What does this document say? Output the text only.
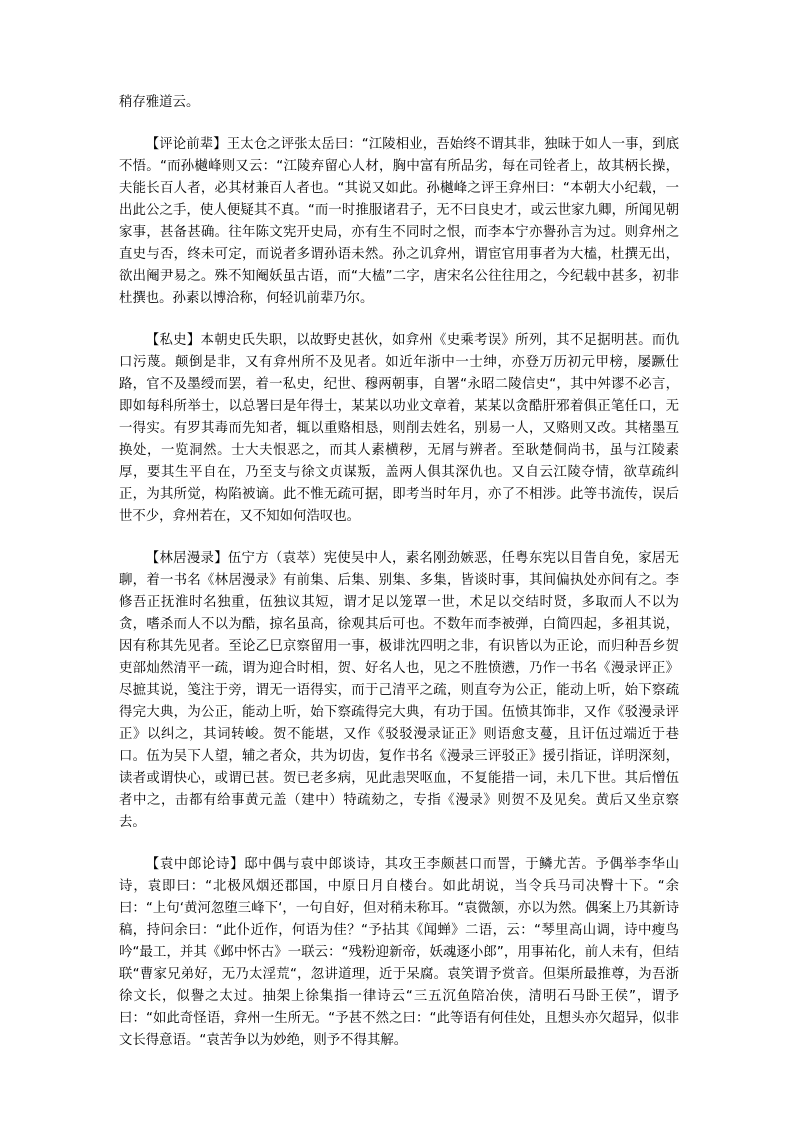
稍存雅道云。

【评论前辈】王太仓之评张太岳曰：“江陵相业，吾始终不谓其非，独昧于如人一事，到底不悟。“而孙樾峰则又云：“江陵弃留心人材，胸中富有所品劣，每在司铨者上，故其柄长操，夫能长百人者，必其材兼百人者也。“其说又如此。孙樾峰之评王弇州曰：“本朝大小纪载，一出此公之手，使人便疑其不真。“而一时推服诸君子，无不曰良史才，或云世家九卿，所闻见朝家事，甚备甚确。往年陈文宪开史局，亦有生不同时之恨，而李本宁亦譽孙言为过。则弇州之直史与否，终未可定，而说者多谓孙语未然。孙之讥弇州，谓宦官用事者为大榼，杜撰无出，欲出阉尹易之。殊不知阉妖虽古语，而“大榼”二字，唐宋名公往往用之，今纪载中甚多，初非杜撰也。孙素以博洽称，何轻讥前辈乃尔。

【私史】本朝史氏失职，以故野史甚伙，如弇州《史乘考误》所列，其不足据明甚。而仇口污蔑。颠倒是非，又有弇州所不及见者。如近年浙中一士绅，亦登万历初元甲榜，屡蹶仕路，官不及墨绶而罢，着一私史，纪世、穆两朝事，自署“永昭二陵信史“，其中舛谬不必言，即如每科所举士，以总署曰是年得士，某某以功业文章着，某某以贪酷肝邪着俱正笔任口，无一得实。有罗其毒而先知者，辄以重赂相恳，则削去姓名，别易一人，又赂则又改。其楮墨互换处，一览洞然。士大夫恨恶之，而其人素横秽，无屑与辨者。至耿楚侗尚书，虽与江陵素厚，要其生平自在，乃至支与徐文贞谋叛，盖两人俱其深仇也。又自云江陵夺情，欲草疏纠正，为其所觉，构陷被谪。此不惟无疏可据，即考当时年月，亦了不相涉。此等书流传，误后世不少，弇州若在，又不知如何浩叹也。

【林居漫录】伍宁方（袁萃）宪使吴中人，素名刚劲嫉恶，任粤东宪以目眚自免，家居无聊，着一书名《林居漫录》有前集、后集、别集、多集，皆谈时事，其间偏执处亦间有之。李修吾正抚淮时名独重，伍独议其短，谓才足以笼罩一世，术足以交结时贤，多取而人不以为贪，嗜杀而人不以为酷，掠名虽高，徐观其后可也。不数年而李被弹，白简四起，多祖其说，因有称其先见者。至论乙巳京察留用一事，极诽沈四明之非，有识皆以为正论，而归种吾乡贺吏部灿然清平一疏，谓为迎合时相，贺、好名人也，见之不胜愤懑，乃作一书名《漫录评正》尽摭其说，笺注于旁，谓无一语得实，而于己清平之疏，则直夸为公正，能动上听，始下察疏得完大典，为公正，能动上听，始下察疏得完大典，有功于国。伍愤其饰非，又作《驳漫录评正》以纠之，其词转峻。贺不能堪，又作《驳驳漫录证正》则语愈支蔓，且讦伍过端近于巷口。伍为吴下人望，辅之者众，共为切齿，复作书名《漫录三评驳正》援引指证，详明深刻，读者或谓快心，或谓已甚。贺已老多病，见此恚哭呕血，不复能措一词，未几下世。其后憎伍者中之，击都有给事黄元盖（建中）特疏劾之，专指《漫录》则贺不及见矣。黄后又坐京察去。

【袁中郎论诗】邸中偶与袁中郎谈诗，其攻王李颇甚口而詈，于鳞尤苦。予偶举李华山诗，袁即曰：“北极风烟还郡国，中原日月自楼台。如此胡说，当令兵马司决臀十下。“余曰：“上句‘黄河忽堕三峰下‘，一句自好，但对稍未称耳。“袁微颔，亦以为然。偶案上乃其新诗稿，持问余曰：“此仆近作，何语为佳？“予拈其《闻蝉》二语，云：“琴里高山调，诗中瘦鸟吟“最工，并其《邺中怀古》一联云：“残粉迎新帝，妖魂逐小郎”，用事祐化，前人未有，但结联“曹家兄弟好，无乃太淫荒“，忽讲道理，近于呆腐。袁笑谓予赏音。但渠所最推尊，为吾浙徐文长，似譽之太过。抽架上徐集指一律诗云“三五沉鱼陪冶侠，清明石马卧王侯”，谓予曰：“如此奇怪语，弇州一生所无。“予甚不然之曰：“此等语有何佳处，且想头亦欠超异，似非文长得意语。“袁苦争以为妙绝，则予不得其解。
